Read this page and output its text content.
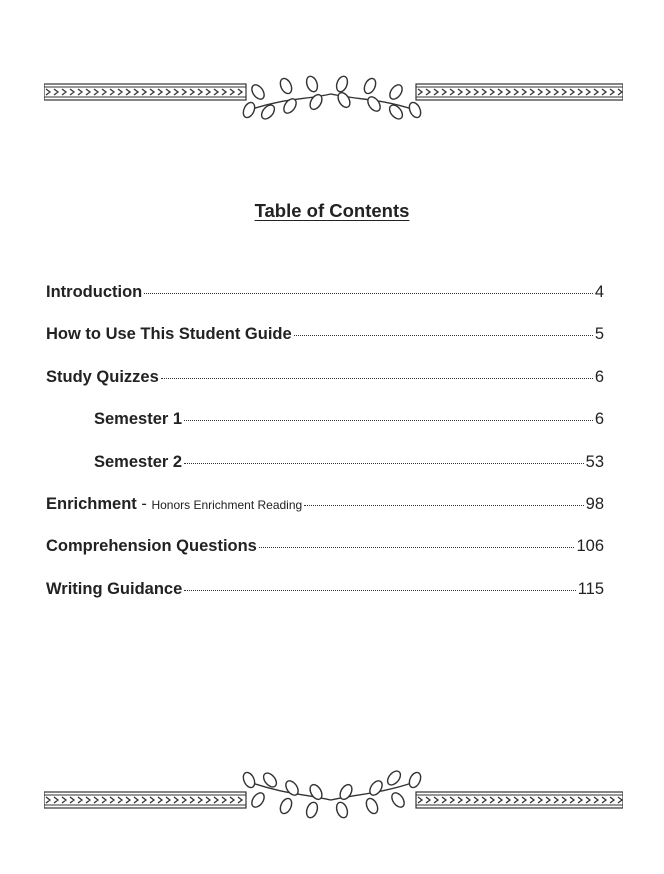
Table of Contents
Introduction	4
How to Use This Student Guide	5
Study Quizzes	6
Semester 1	6
Semester 2	53
Enrichment - Honors Enrichment Reading	98
Comprehension Questions	106
Writing Guidance	115
